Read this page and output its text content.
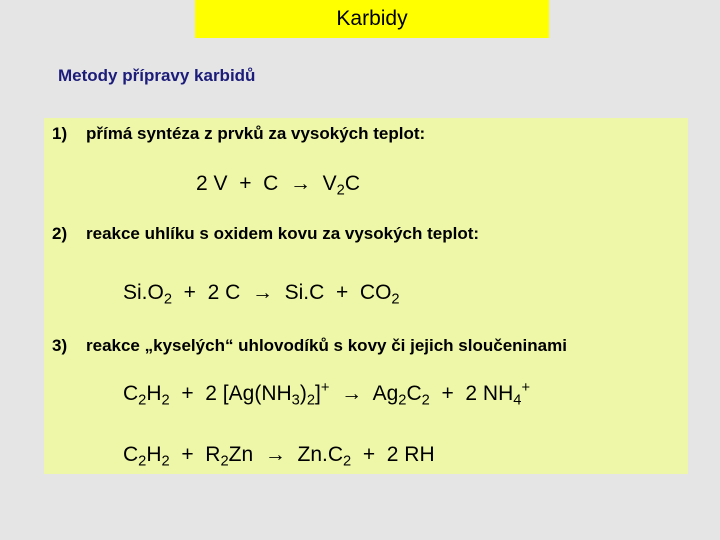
Karbidy
Metody přípravy karbidů
1) přímá syntéza z prvků za vysokých teplot:
2 $V + C \to V_2C$
2) reakce uhlíku s oxidem kovu za vysokých teplot:
$Si.O_2 + 2$ $C \to Si.C + CO_2$
3) reakce „kyselých“ uhlovodíků s kovy či jejich sloučeninami
$C_2H_2 + 2$ $[Ag(NH_3)_2]^+ \to Ag_2C_2 + 2$ $NH_4^+$
$C_2H_2 + R_2Zn \to Zn.C_2 + 2$ RH
